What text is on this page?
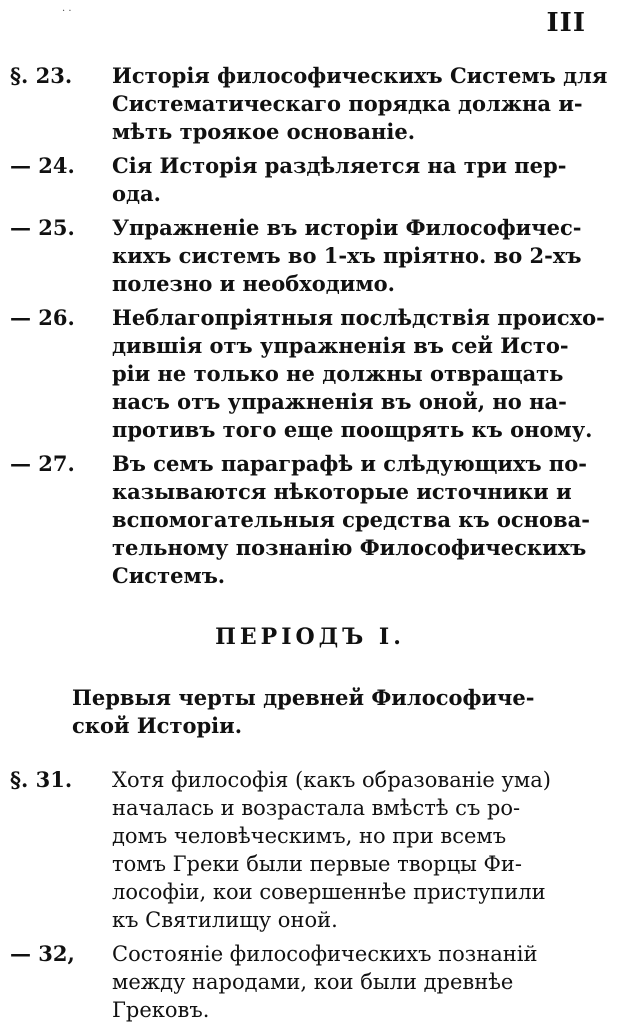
· ·	III
§. 23. Исторія философическихъ Системъ для
Систематическаго порядка должна и-
мѣть троякое основаніе.
— 24. Сія Исторія раздѣляется на три пер-
ода.
— 25. Упражненіе въ исторіи Философичес-
кихъ системъ во 1-хъ пріятно. во 2-хъ
полезно и необходимо.
— 26. Неблагопріятныя послѣдствія происхо-
дившія отъ упражненія въ сей Исто-
ріи не только не должны отвращать
насъ отъ упражненія въ оной, но на-
противъ того еще поощрять къ оному.
— 27. Въ семъ параграфѣ и слѣдующихъ по-
казываются нѣкоторые источники и
вспомогательныя средства къ основа-
тельному познанію Философическихъ
Системъ.
ПЕРІОДЪ I.
Первыя черты древней Философиче-
ской Исторіи.
§. 31. Хотя философія (какъ образованіе ума)
началась и возрастала вмѣстѣ съ ро-
домъ человѣческимъ, но при всемъ
томъ Греки были первые творцы Фи-
лософіи, кои совершеннѣе приступили
къ Святилищу оной.
— 32, Состояніе философическихъ познаній
между народами, кои были древнѣе
Грековъ.
